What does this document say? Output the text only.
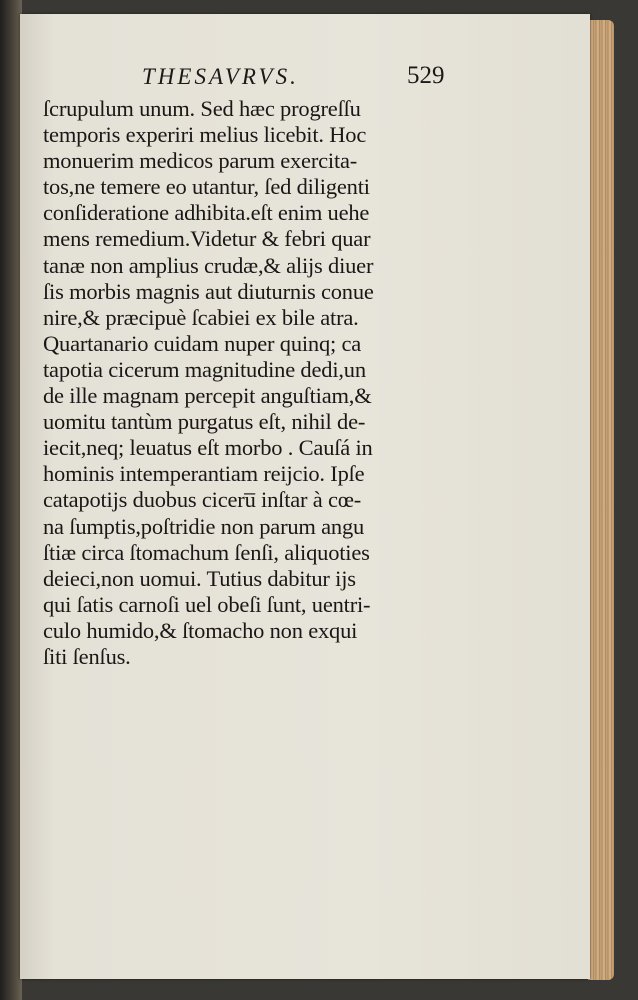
THESAVRVS.	529
ſcrupulum unum. Sed hæc progreſſu
temporis experiri melius licebit. Hoc
monuerim medicos parum exercita-
tos,ne temere eo utantur, ſed diligenti
conſideratione adhibita.eſt enim uehe
mens remedium.Videtur & febri quar
tanæ non amplius crudæ,& alijs diuer
ſis morbis magnis aut diuturnis conue
nire,& præcipuè ſcabiei ex bile atra.
Quartanario cuidam nuper quinq; ca
tapotia cicerum magnitudine dedi,un
de ille magnam percepit anguſtiam,&
uomitu tantùm purgatus eſt, nihil de-
iecit,neq; leuatus eſt morbo . Cauſá in
hominis intemperantiam reijcio. Ipſe
catapotijs duobus ciceru̅ inſtar à cœ-
na ſumptis,poſtridie non parum angu
ſtiæ circa ſtomachum ſenſi, aliquoties
deieci,non uomui. Tutius dabitur ijs
qui ſatis carnoſi uel obeſi ſunt, uentri-
culo humido,& ſtomacho non exqui
ſiti ſenſus.
